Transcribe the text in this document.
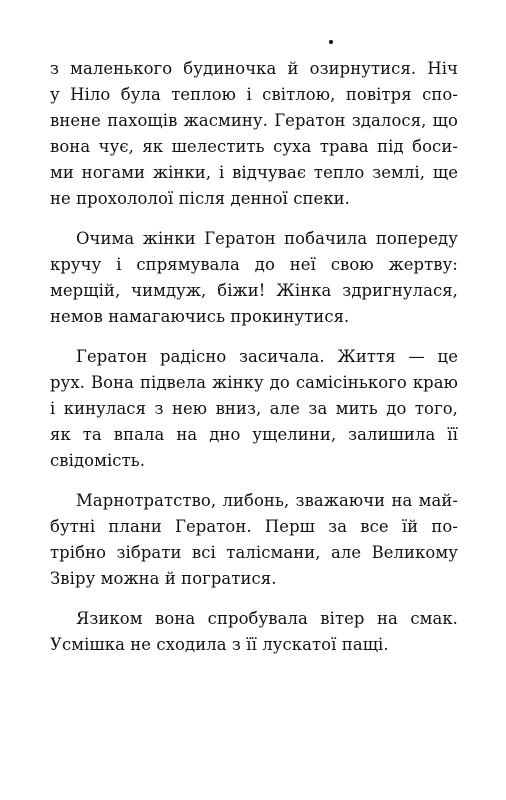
з маленького будиночка й озирнутися. Ніч
у Ніло була теплою і світлою, повітря спо-
внене пахощів жасмину. Гератон здалося, що
вона чує, як шелестить суха трава під боси-
ми ногами жінки, і відчуває тепло землі, ще
не прохололої після денної спеки.

Очима жінки Гератон побачила попереду
кручу і спрямувала до неї свою жертву:
мерщій, чимдуж, біжи! Жінка здригнулася,
немов намагаючись прокинутися.

Гератон радісно засичала. Життя — це
рух. Вона підвела жінку до самісінького краю
і кинулася з нею вниз, але за мить до того,
як та впала на дно ущелини, залишила її
свідомість.

Марнотратство, либонь, зважаючи на май-
бутні плани Гератон. Перш за все їй по-
трібно зібрати всі талісмани, але Великому
Звіру можна й погратися.

Язиком вона спробувала вітер на смак.
Усмішка не сходила з її лускатої пащі.
